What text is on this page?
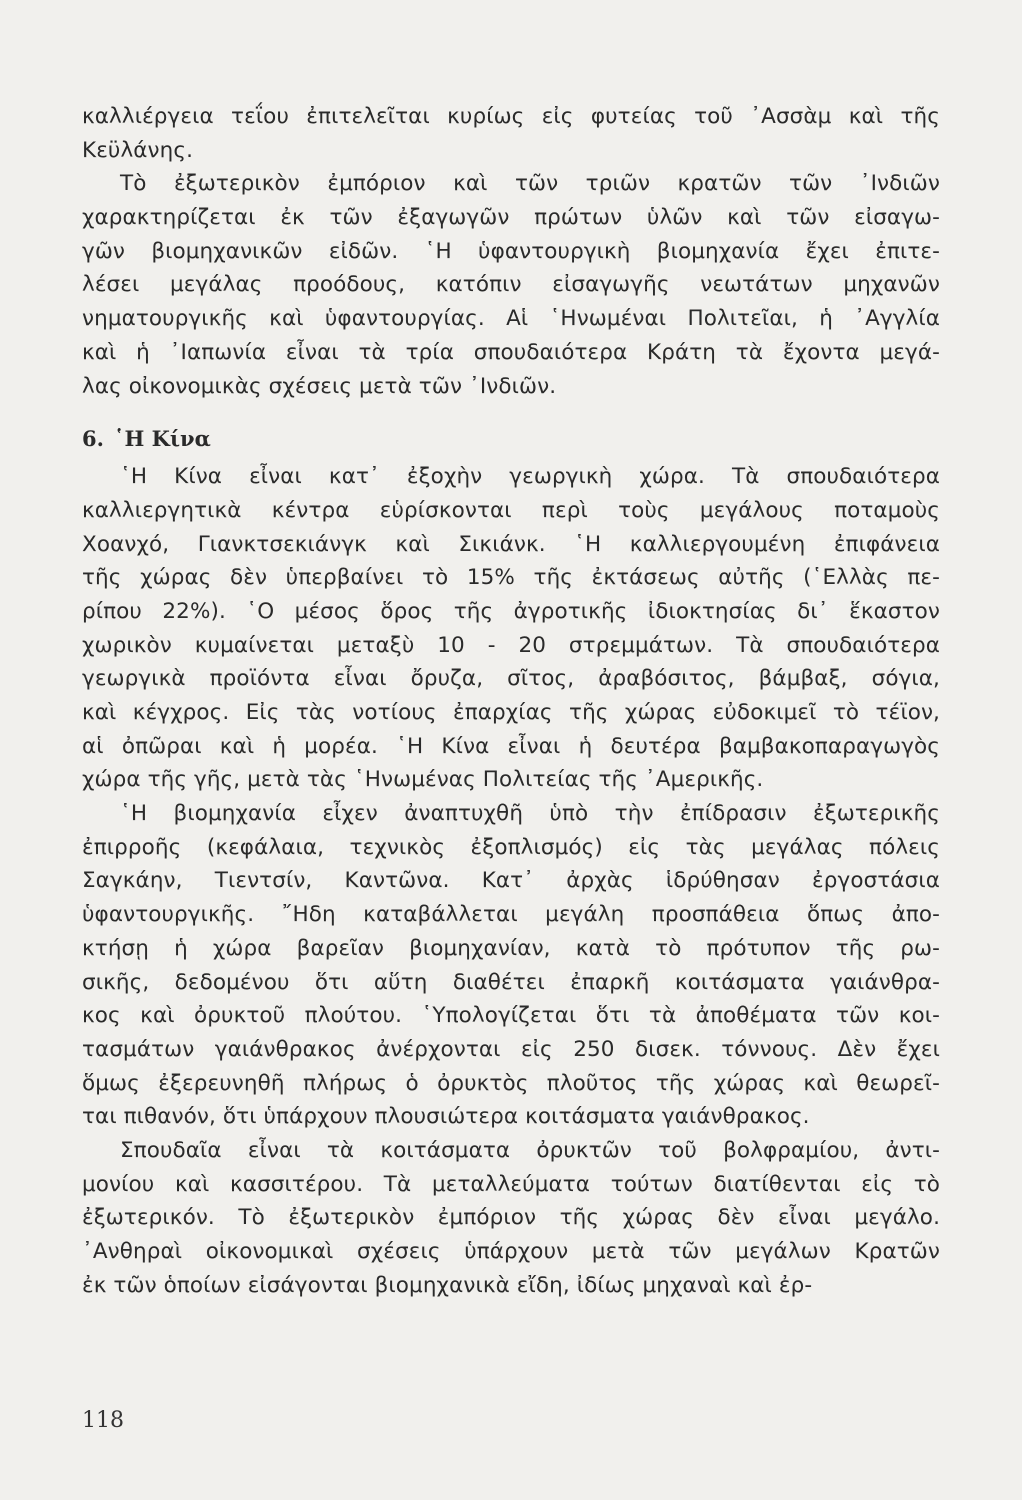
καλλιέργεια τεΐου ἐπιτελεῖται κυρίως εἰς φυτείας τοῦ ᾿Ασσὰμ καὶ τῆς
Κεϋλάνης.
Τὸ ἐξωτερικὸν ἐμπόριον καὶ τῶν τριῶν κρατῶν τῶν ᾿Ινδιῶν
χαρακτηρίζεται ἐκ τῶν ἐξαγωγῶν πρώτων ὑλῶν καὶ τῶν εἰσαγω-
γῶν βιομηχανικῶν εἰδῶν. ῾Η ὑφαντουργικὴ βιομηχανία ἔχει ἐπιτε-
λέσει μεγάλας προόδους, κατόπιν εἰσαγωγῆς νεωτάτων μηχανῶν
νηματουργικῆς καὶ ὑφαντουργίας. Αἱ ῾Ηνωμέναι Πολιτεῖαι, ἡ ᾿Αγγλία
καὶ ἡ ᾿Ιαπωνία εἶναι τὰ τρία σπουδαιότερα Κράτη τὰ ἔχοντα μεγά-
λας οἰκονομικὰς σχέσεις μετὰ τῶν ᾿Ινδιῶν.
6. ῾Η Κίνα
῾Η Κίνα εἶναι κατ᾿ ἐξοχὴν γεωργικὴ χώρα. Τὰ σπουδαιότερα
καλλιεργητικὰ κέντρα εὑρίσκονται περὶ τοὺς μεγάλους ποταμοὺς
Χοανχό, Γιανκτσεκιάνγκ καὶ Σικιάνκ. ῾Η καλλιεργουμένη ἐπιφάνεια
τῆς χώρας δὲν ὑπερβαίνει τὸ 15% τῆς ἐκτάσεως αὐτῆς (῾Ελλὰς πε-
ρίπου 22%). ῾Ο μέσος ὅρος τῆς ἀγροτικῆς ἰδιοκτησίας δι᾿ ἕκαστον
χωρικὸν κυμαίνεται μεταξὺ 10 - 20 στρεμμάτων. Τὰ σπουδαιότερα
γεωργικὰ προϊόντα εἶναι ὄρυζα, σῖτος, ἀραβόσιτος, βάμβαξ, σόγια,
καὶ κέγχρος. Εἰς τὰς νοτίους ἐπαρχίας τῆς χώρας εὐδοκιμεῖ τὸ τέϊον,
αἱ ὀπῶραι καὶ ἡ μορέα. ῾Η Κίνα εἶναι ἡ δευτέρα βαμβακοπαραγωγὸς
χώρα τῆς γῆς, μετὰ τὰς ῾Ηνωμένας Πολιτείας τῆς ᾿Αμερικῆς.
῾Η βιομηχανία εἶχεν ἀναπτυχθῆ ὑπὸ τὴν ἐπίδρασιν ἐξωτερικῆς
ἐπιρροῆς (κεφάλαια, τεχνικὸς ἐξοπλισμός) εἰς τὰς μεγάλας πόλεις
Σαγκάην, Τιεντσίν, Καντῶνα. Κατ᾿ ἀρχὰς ἱδρύθησαν ἐργοστάσια
ὑφαντουργικῆς. ῎Ηδη καταβάλλεται μεγάλη προσπάθεια ὅπως ἀπο-
κτήσῃ ἡ χώρα βαρεῖαν βιομηχανίαν, κατὰ τὸ πρότυπον τῆς ρω-
σικῆς, δεδομένου ὅτι αὕτη διαθέτει ἐπαρκῆ κοιτάσματα γαιάνθρα-
κος καὶ ὀρυκτοῦ πλούτου. ῾Υπολογίζεται ὅτι τὰ ἀποθέματα τῶν κοι-
τασμάτων γαιάνθρακος ἀνέρχονται εἰς 250 δισεκ. τόννους. Δὲν ἔχει
ὅμως ἐξερευνηθῆ πλήρως ὁ ὀρυκτὸς πλοῦτος τῆς χώρας καὶ θεωρεῖ-
ται πιθανόν, ὅτι ὑπάρχουν πλουσιώτερα κοιτάσματα γαιάνθρακος.
Σπουδαῖα εἶναι τὰ κοιτάσματα ὀρυκτῶν τοῦ βολφραμίου, ἀντι-
μονίου καὶ κασσιτέρου. Τὰ μεταλλεύματα τούτων διατίθενται εἰς τὸ
ἐξωτερικόν. Τὸ ἐξωτερικὸν ἐμπόριον τῆς χώρας δὲν εἶναι μεγάλο.
᾿Ανθηραὶ οἰκονομικαὶ σχέσεις ὑπάρχουν μετὰ τῶν μεγάλων Κρατῶν
ἐκ τῶν ὁποίων εἰσάγονται βιομηχανικὰ εἴδη, ἰδίως μηχαναὶ καὶ ἐρ-
118
